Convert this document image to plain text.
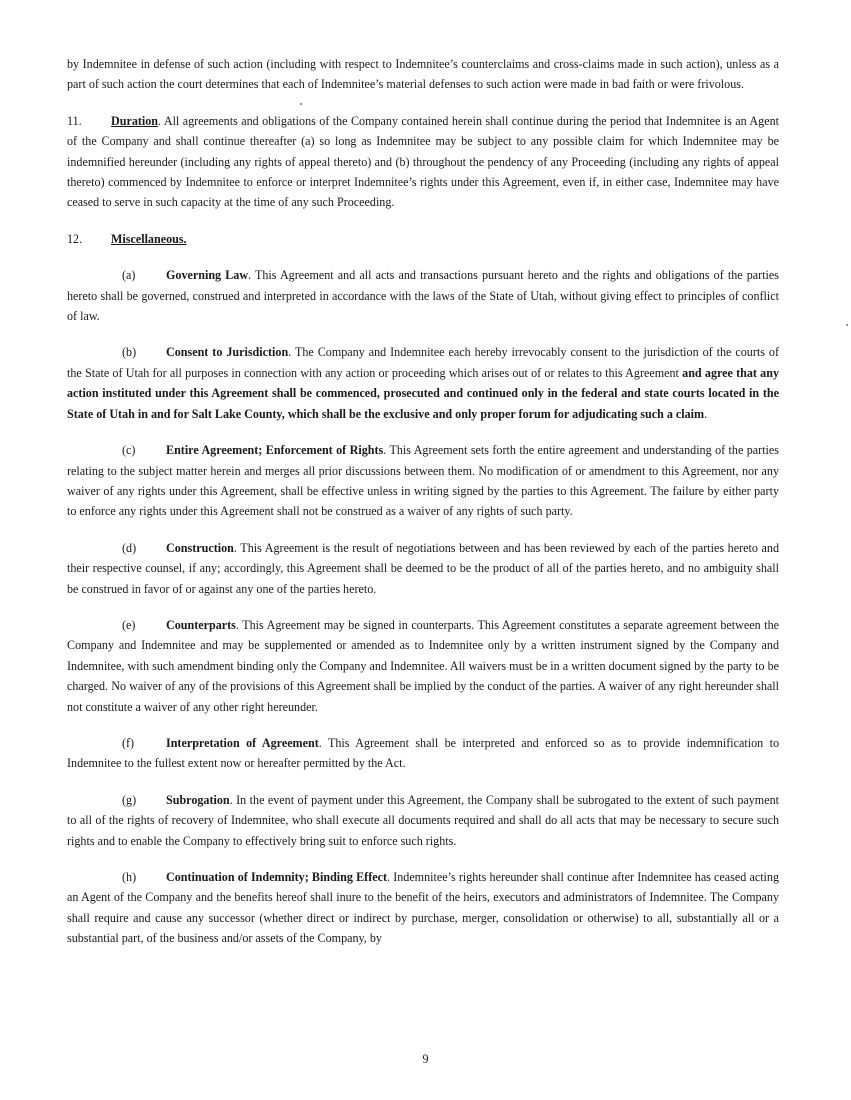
by Indemnitee in defense of such action (including with respect to Indemnitee’s counterclaims and cross-claims made in such action), unless as a part of such action the court determines that each of Indemnitee’s material defenses to such action were made in bad faith or were frivolous.

11. Duration. All agreements and obligations of the Company contained herein shall continue during the period that Indemnitee is an Agent of the Company and shall continue thereafter (a) so long as Indemnitee may be subject to any possible claim for which Indemnitee may be indemnified hereunder (including any rights of appeal thereto) and (b) throughout the pendency of any Proceeding (including any rights of appeal thereto) commenced by Indemnitee to enforce or interpret Indemnitee’s rights under this Agreement, even if, in either case, Indemnitee may have ceased to serve in such capacity at the time of any such Proceeding.

12. Miscellaneous.

(a)	Governing Law. This Agreement and all acts and transactions pursuant hereto and the rights and obligations of the parties hereto shall be governed, construed and interpreted in accordance with the laws of the State of Utah, without giving effect to principles of conflict of law.

(b) Consent to Jurisdiction. The Company and Indemnitee each hereby irrevocably consent to the jurisdiction of the courts of the State of Utah for all purposes in connection with any action or proceeding which arises out of or relates to this Agreement and agree that any action instituted under this Agreement shall be commenced, prosecuted and continued only in the federal and state courts located in the State of Utah in and for Salt Lake County, which shall be the exclusive and only proper forum for adjudicating such a claim.

(c)	Entire Agreement; Enforcement of Rights. This Agreement sets forth the entire agreement and understanding of the parties relating to the subject matter herein and merges all prior discussions between them. No modification of or amendment to this Agreement, nor any waiver of any rights under this Agreement, shall be effective unless in writing signed by the parties to this Agreement. The failure by either party to enforce any rights under this Agreement shall not be construed as a waiver of any rights of such party.

(d) Construction. This Agreement is the result of negotiations between and has been reviewed by each of the parties hereto and their respective counsel, if any; accordingly, this Agreement shall be deemed to be the product of all of the parties hereto, and no ambiguity shall be construed in favor of or against any one of the parties hereto.

(e)	Counterparts. This Agreement may be signed in counterparts. This Agreement constitutes a separate agreement between the Company and Indemnitee and may be supplemented or amended as to Indemnitee only by a written instrument signed by the Company and Indemnitee, with such amendment binding only the Company and Indemnitee. All waivers must be in a written document signed by the party to be charged. No waiver of any of the provisions of this Agreement shall be implied by the conduct of the parties. A waiver of any right hereunder shall not constitute a waiver of any other right hereunder.

(f)	Interpretation of Agreement. This Agreement shall be interpreted and enforced so as to provide indemnification to Indemnitee to the fullest extent now or hereafter permitted by the Act.

(g) Subrogation. In the event of payment under this Agreement, the Company shall be subrogated to the extent of such payment to all of the rights of recovery of Indemnitee, who shall execute all documents required and shall do all acts that may be necessary to secure such rights and to enable the Company to effectively bring suit to enforce such rights.

(h) Continuation of Indemnity; Binding Effect. Indemnitee’s rights hereunder shall continue after Indemnitee has ceased acting an Agent of the Company and the benefits hereof shall inure to the benefit of the heirs, executors and administrators of Indemnitee. The Company shall require and cause any successor (whether direct or indirect by purchase, merger, consolidation or otherwise) to all, substantially all or a substantial part, of the business and/or assets of the Company, by

9
